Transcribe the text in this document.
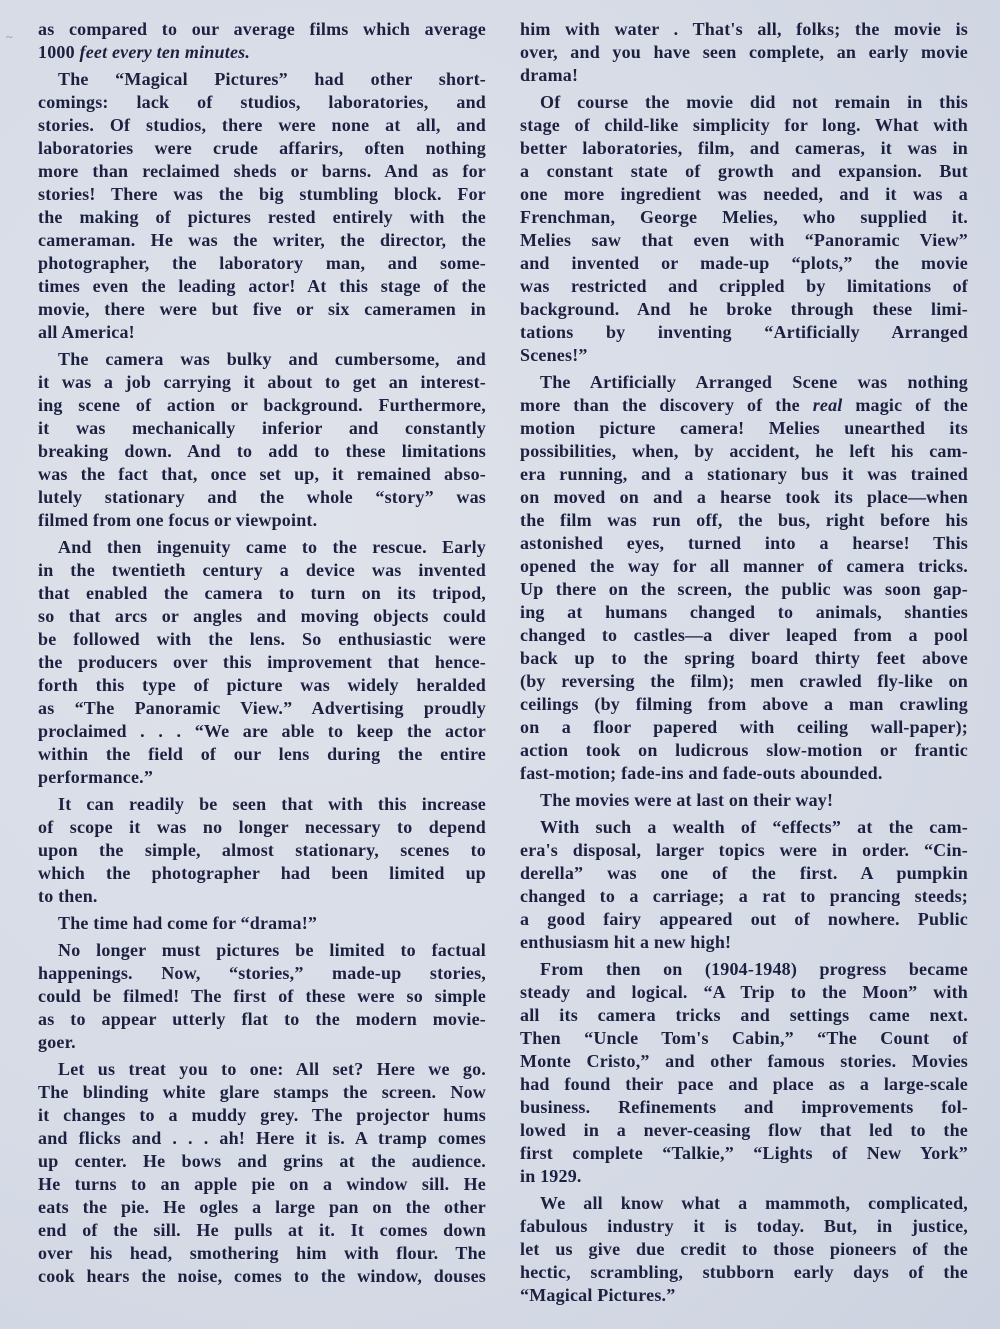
~	as compared to our average films which average
1000 feet every ten minutes.
The “Magical Pictures” had other short-
comings: lack of studios, laboratories, and
stories. Of studios, there were none at all, and
laboratories were crude affarirs, often nothing
more than reclaimed sheds or barns. And as for
stories! There was the big stumbling block. For
the making of pictures rested entirely with the
cameraman. He was the writer, the director, the
photographer, the laboratory man, and some-
times even the leading actor! At this stage of the
movie, there were but five or six cameramen in
all America!
The camera was bulky and cumbersome, and
it was a job carrying it about to get an interest-
ing scene of action or background. Furthermore,
it was mechanically inferior and constantly
breaking down. And to add to these limitations
was the fact that, once set up, it remained abso-
lutely stationary and the whole “story” was
filmed from one focus or viewpoint.
And then ingenuity came to the rescue. Early
in the twentieth century a device was invented
that enabled the camera to turn on its tripod,
so that arcs or angles and moving objects could
be followed with the lens. So enthusiastic were
the producers over this improvement that hence-
forth this type of picture was widely heralded
as “The Panoramic View.” Advertising proudly
proclaimed . . . “We are able to keep the actor
within the field of our lens during the entire
performance.”
It can readily be seen that with this increase
of scope it was no longer necessary to depend
upon the simple, almost stationary, scenes to
which the photographer had been limited up
to then.
The time had come for “drama!”
No longer must pictures be limited to factual
happenings. Now, “stories,” made-up stories,
could be filmed! The first of these were so simple
as to appear utterly flat to the modern movie-
goer.
Let us treat you to one: All set? Here we go.
The blinding white glare stamps the screen. Now
it changes to a muddy grey. The projector hums
and flicks and . . . ah! Here it is. A tramp comes
up center. He bows and grins at the audience.
He turns to an apple pie on a window sill. He
eats the pie. He ogles a large pan on the other
end of the sill. He pulls at it. It comes down
over his head, smothering him with flour. The
cook hears the noise, comes to the window, douses
him with water . That's all, folks; the movie is
over, and you have seen complete, an early movie
drama!
Of course the movie did not remain in this
stage of child-like simplicity for long. What with
better laboratories, film, and cameras, it was in
a constant state of growth and expansion. But
one more ingredient was needed, and it was a
Frenchman, George Melies, who supplied it.
Melies saw that even with “Panoramic View”
and invented or made-up “plots,” the movie
was restricted and crippled by limitations of
background. And he broke through these limi-
tations by inventing “Artificially Arranged
Scenes!”
The Artificially Arranged Scene was nothing
more than the discovery of the real magic of the
motion picture camera! Melies unearthed its
possibilities, when, by accident, he left his cam-
era running, and a stationary bus it was trained
on moved on and a hearse took its place—when
the film was run off, the bus, right before his
astonished eyes, turned into a hearse! This
opened the way for all manner of camera tricks.
Up there on the screen, the public was soon gap-
ing at humans changed to animals, shanties
changed to castles—a diver leaped from a pool
back up to the spring board thirty feet above
(by reversing the film); men crawled fly-like on
ceilings (by filming from above a man crawling
on a floor papered with ceiling wall-paper);
action took on ludicrous slow-motion or frantic
fast-motion; fade-ins and fade-outs abounded.
The movies were at last on their way!
With such a wealth of “effects” at the cam-
era's disposal, larger topics were in order. “Cin-
derella” was one of the first. A pumpkin
changed to a carriage; a rat to prancing steeds;
a good fairy appeared out of nowhere. Public
enthusiasm hit a new high!
From then on (1904-1948) progress became
steady and logical. “A Trip to the Moon” with
all its camera tricks and settings came next.
Then “Uncle Tom's Cabin,” “The Count of
Monte Cristo,” and other famous stories. Movies
had found their pace and place as a large-scale
business. Refinements and improvements fol-
lowed in a never-ceasing flow that led to the
first complete “Talkie,” “Lights of New York”
in 1929.
We all know what a mammoth, complicated,
fabulous industry it is today. But, in justice,
let us give due credit to those pioneers of the
hectic, scrambling, stubborn early days of the
“Magical Pictures.”
